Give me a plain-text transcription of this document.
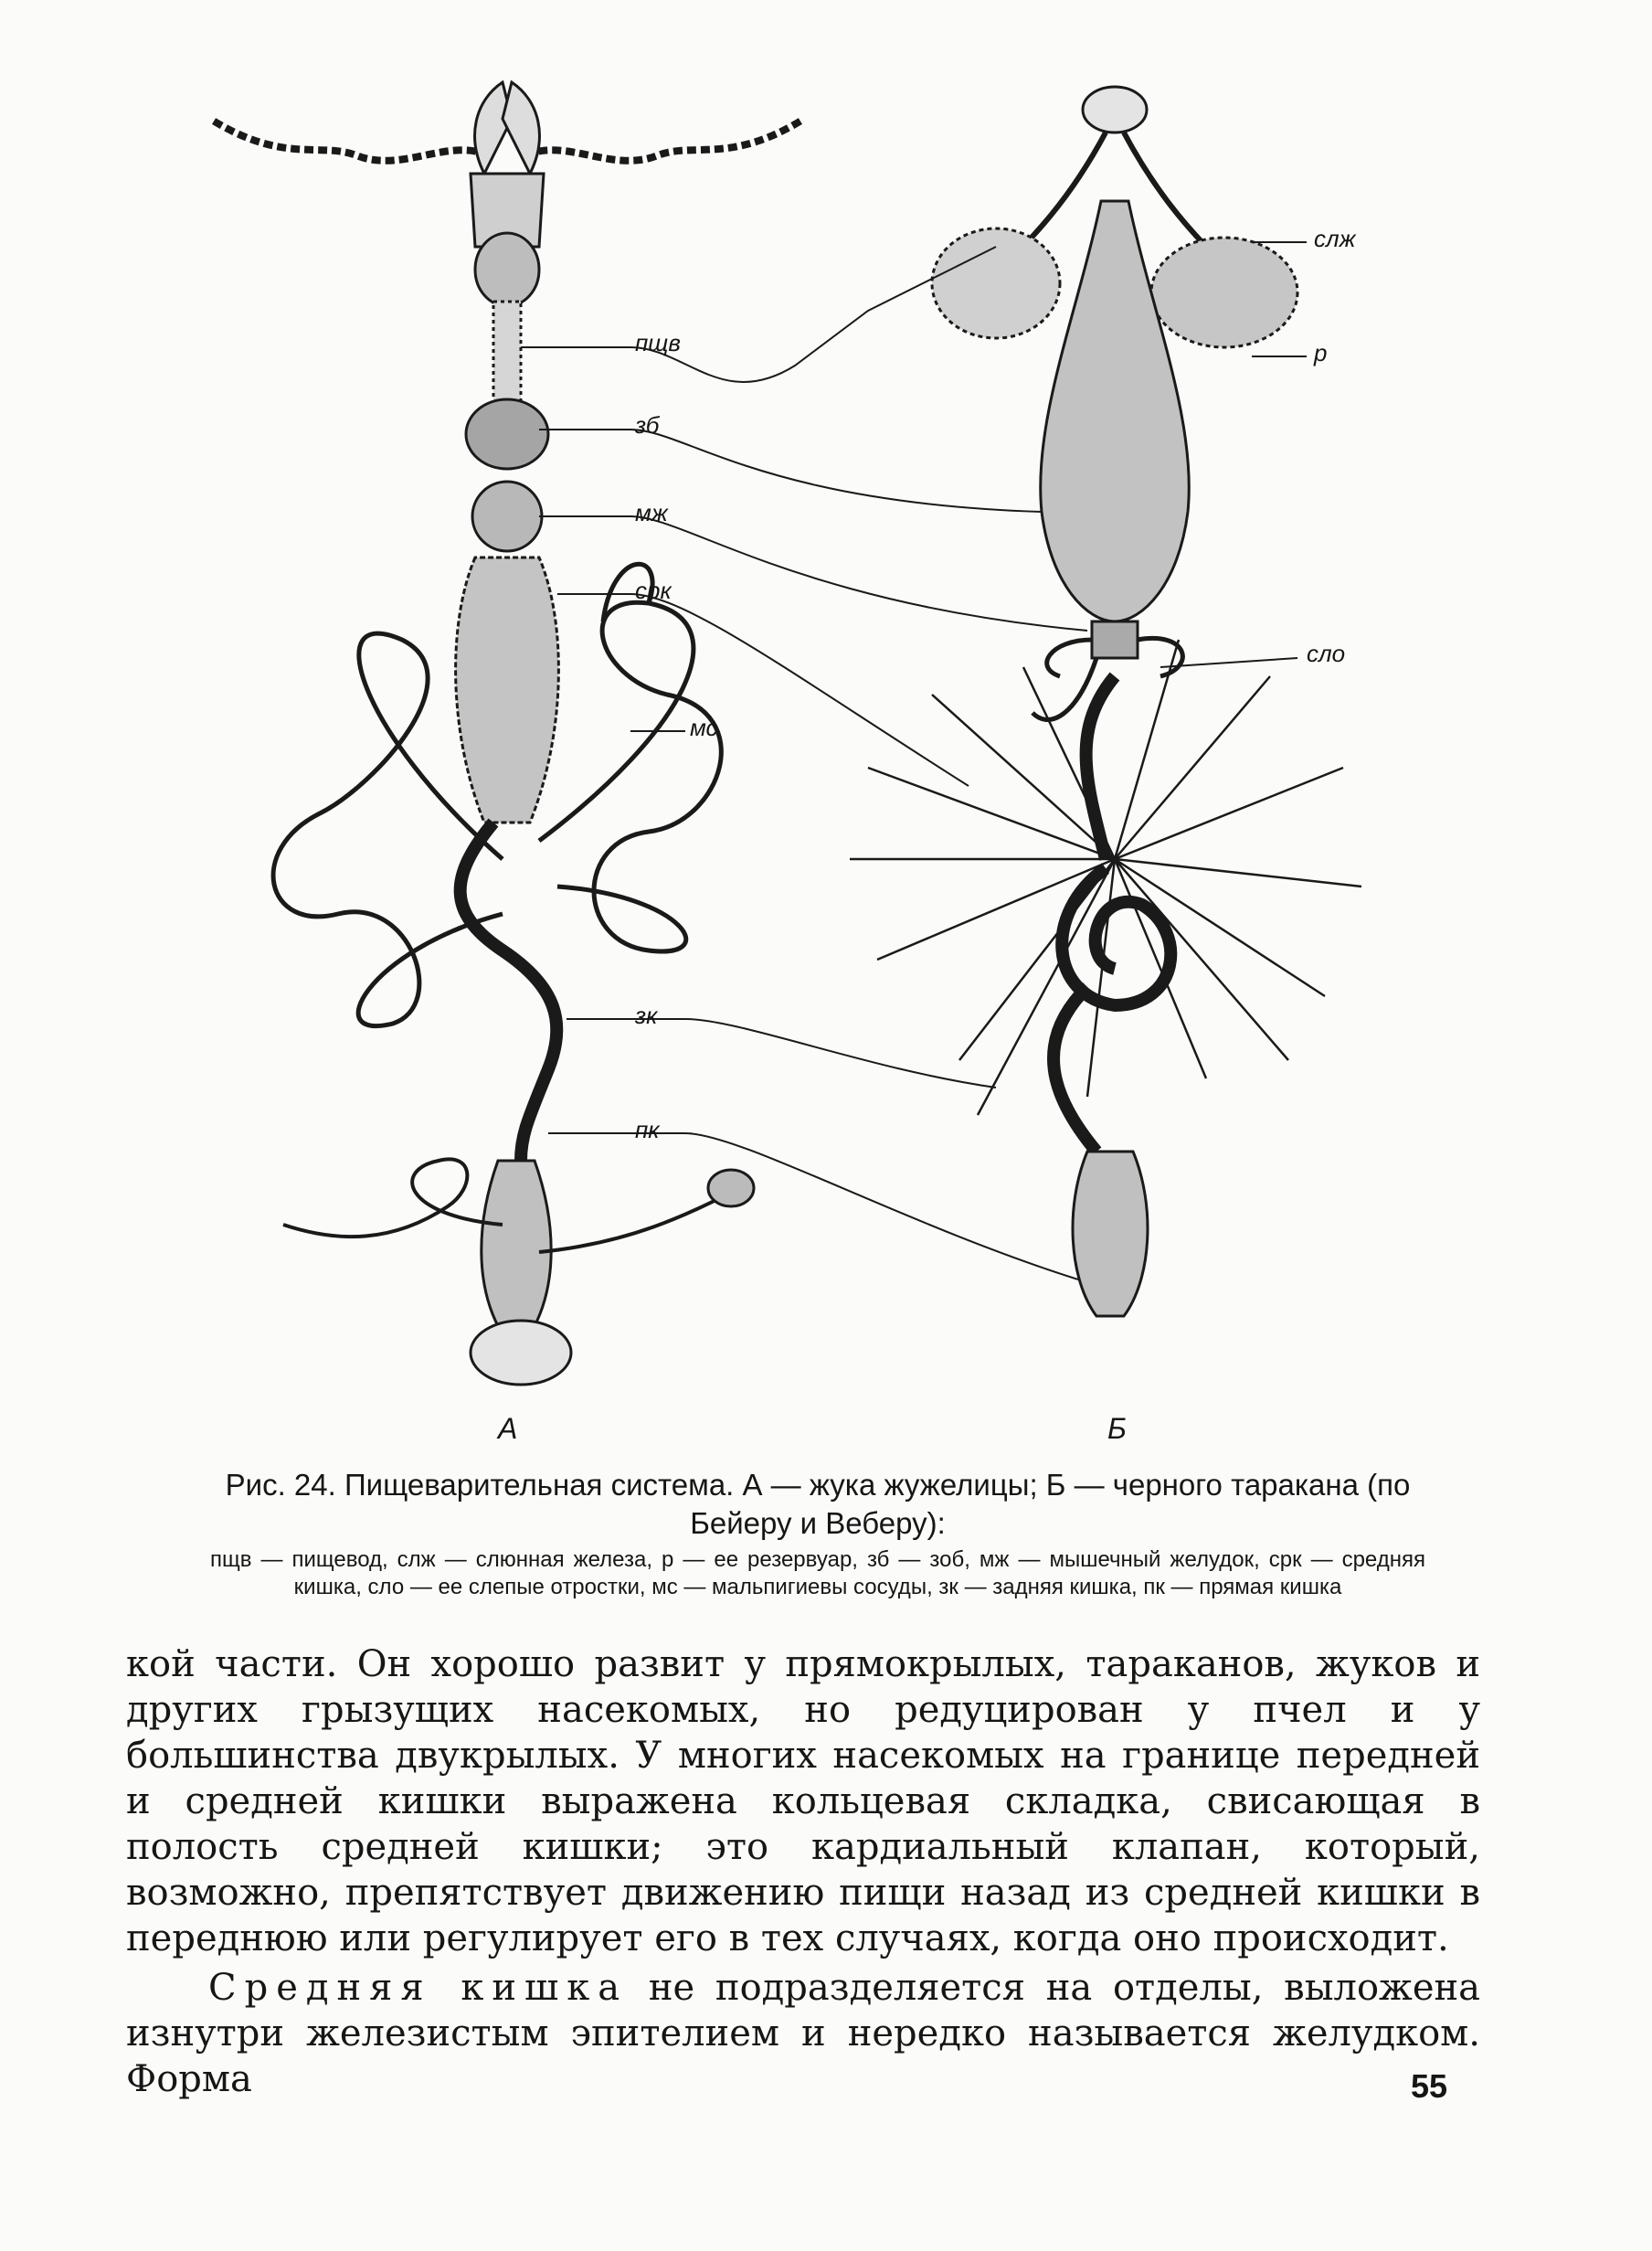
А	Б
пщв
зб
мж
срк
мс
зк
пк
слж
р
сло
Рис. 24. Пищеварительная система. А — жука жужелицы; Б — черного таракана (по Бейеру и Веберу):
пщв — пищевод, слж — слюнная железа, р — ее резервуар, зб — зоб, мж — мышечный желудок, срк — средняя кишка, сло — ее слепые отростки, мс — мальпигиевы сосуды, зк — задняя кишка, пк — прямая кишка

кой части. Он хорошо развит у прямокрылых, тараканов, жуков и других грызущих насекомых, но редуцирован у пчел и у большинства двукрылых. У многих насекомых на границе передней и средней кишки выражена кольцевая складка, свисающая в полость средней кишки; это кардиальный клапан, который, возможно, препятствует движению пищи назад из средней кишки в переднюю или регулирует его в тех случаях, когда оно происходит.

Средняя кишка не подразделяется на отделы, выложена изнутри железистым эпителием и нередко называется желудком. Форма	55
